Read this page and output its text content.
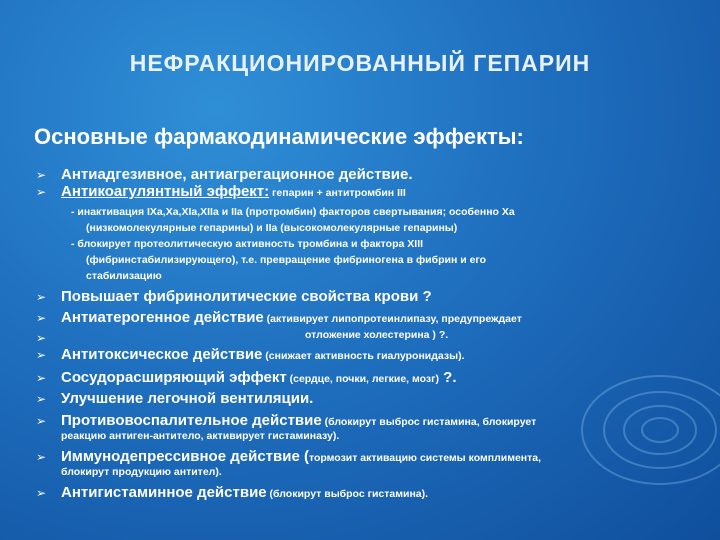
НЕФРАКЦИОНИРОВАННЫЙ ГЕПАРИН
Основные фармакодинамические эффекты:
➢ Антиадгезивное, антиагрегационное действие.
➢ Антикоагулянтный эффект: гепарин + антитромбин III
- инактивация IXа,Ха,ХIа,ХIIа и IIа (протромбин) факторов свертывания; особенно Ха
(низкомолекулярные гепарины) и IIа (высокомолекулярные гепарины)
- блокирует протеолитическую активность тромбина и фактора XIII
(фибринстабилизирующего), т.е. превращение фибриногена в фибрин и его
стабилизацию
➢ Повышает фибринолитические свойства крови ?
➢ Антиатерогенное действие (активирует липопротеинлипазу, предупреждает
➢	отложение холестерина ) ?.
➢ Антитоксическое действие (снижает активность гиалуронидазы).
➢ Сосудорасширяющий эффект (сердце, почки, легкие, мозг) ?.
➢ Улучшение легочной вентиляции.
➢ Противовоспалительное действие (блокирут выброс гистамина, блокирует
реакцию антиген-антитело, активирует гистаминазу).
➢ Иммунодепрессивное действие (тормозит активацию системы комплимента,
блокирут продукцию антител).
➢ Антигистаминное действие (блокирут выброс гистамина).
